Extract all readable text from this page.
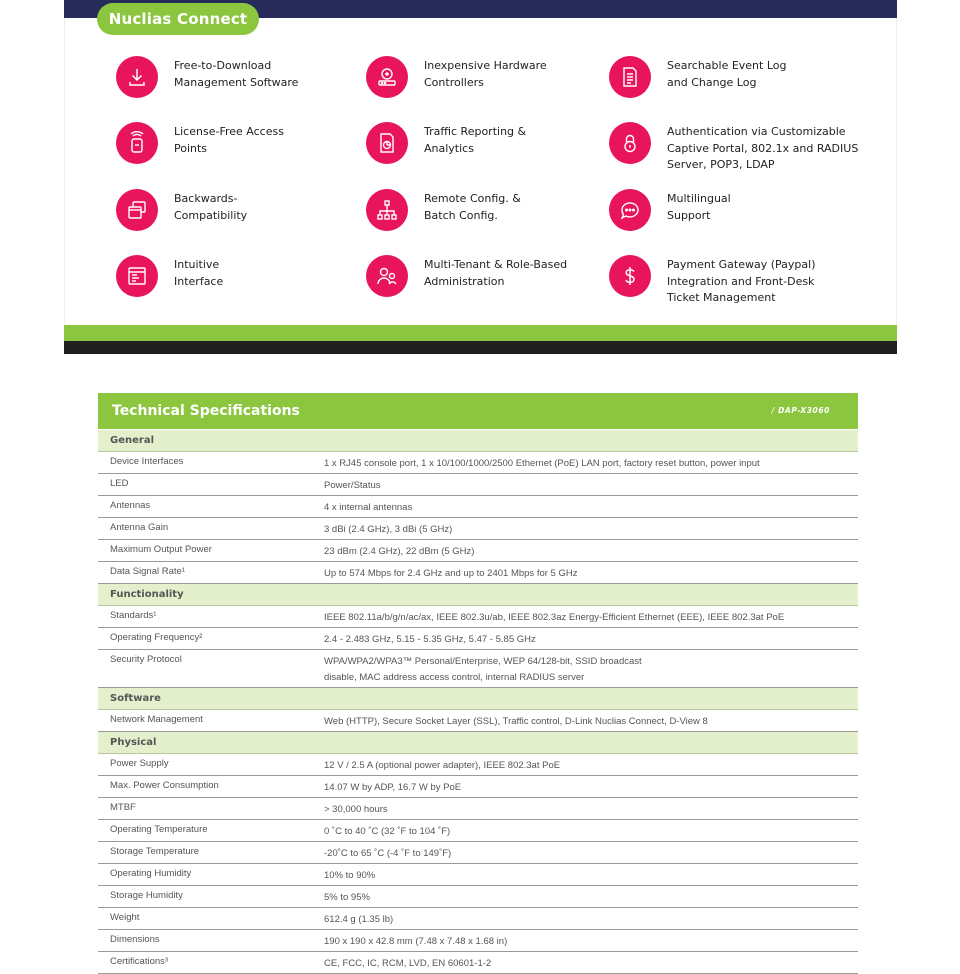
Nuclias Connect
Free-to-Download
Management Software
Inexpensive Hardware
Controllers
Searchable Event Log
and Change Log
License-Free Access
Points
Traffic Reporting &
Analytics
Authentication via Customizable
Captive Portal, 802.1x and RADIUS
Server, POP3, LDAP
Backwards-
Compatibility
Remote Config. &
Batch Config.
Multilingual
Support
Intuitive
Interface
Multi-Tenant & Role-Based
Administration
Payment Gateway (Paypal)
Integration and Front-Desk
Ticket Management
Technical Specifications	/ DAP-X3060
General
Device Interfaces	1 x RJ45 console port, 1 x 10/100/1000/2500 Ethernet (PoE) LAN port, factory reset button, power input
LED	Power/Status
Antennas	4 x internal antennas
Antenna Gain	3 dBi (2.4 GHz), 3 dBi (5 GHz)
Maximum Output Power	23 dBm (2.4 GHz), 22 dBm (5 GHz)
Data Signal Rate¹	Up to 574 Mbps for 2.4 GHz and up to 2401 Mbps for 5 GHz
Functionality
Standards¹	IEEE 802.11a/b/g/n/ac/ax, IEEE 802.3u/ab, IEEE 802.3az Energy-Efficient Ethernet (EEE), IEEE 802.3at PoE
Operating Frequency²	2.4 - 2.483 GHz, 5.15 - 5.35 GHz, 5.47 - 5.85 GHz
Security Protocol	WPA/WPA2/WPA3™ Personal/Enterprise, WEP 64/128-bit, SSID broadcast
disable, MAC address access control, internal RADIUS server
Software
Network Management	Web (HTTP), Secure Socket Layer (SSL), Traffic control, D-Link Nuclias Connect, D-View 8
Physical
Power Supply	12 V / 2.5 A (optional power adapter), IEEE 802.3at PoE
Max. Power Consumption	14.07 W by ADP, 16.7 W by PoE
MTBF	> 30,000 hours
Operating Temperature	0 ˚C to 40 ˚C (32 ˚F to 104 ˚F)
Storage Temperature	-20˚C to 65 ˚C (-4 ˚F to 149˚F)
Operating Humidity	10% to 90%
Storage Humidity	5% to 95%
Weight	612.4 g (1.35 lb)
Dimensions	190 x 190 x 42.8 mm (7.48 x 7.48 x 1.68 in)
Certifications³	CE, FCC, IC, RCM, LVD, EN 60601-1-2
